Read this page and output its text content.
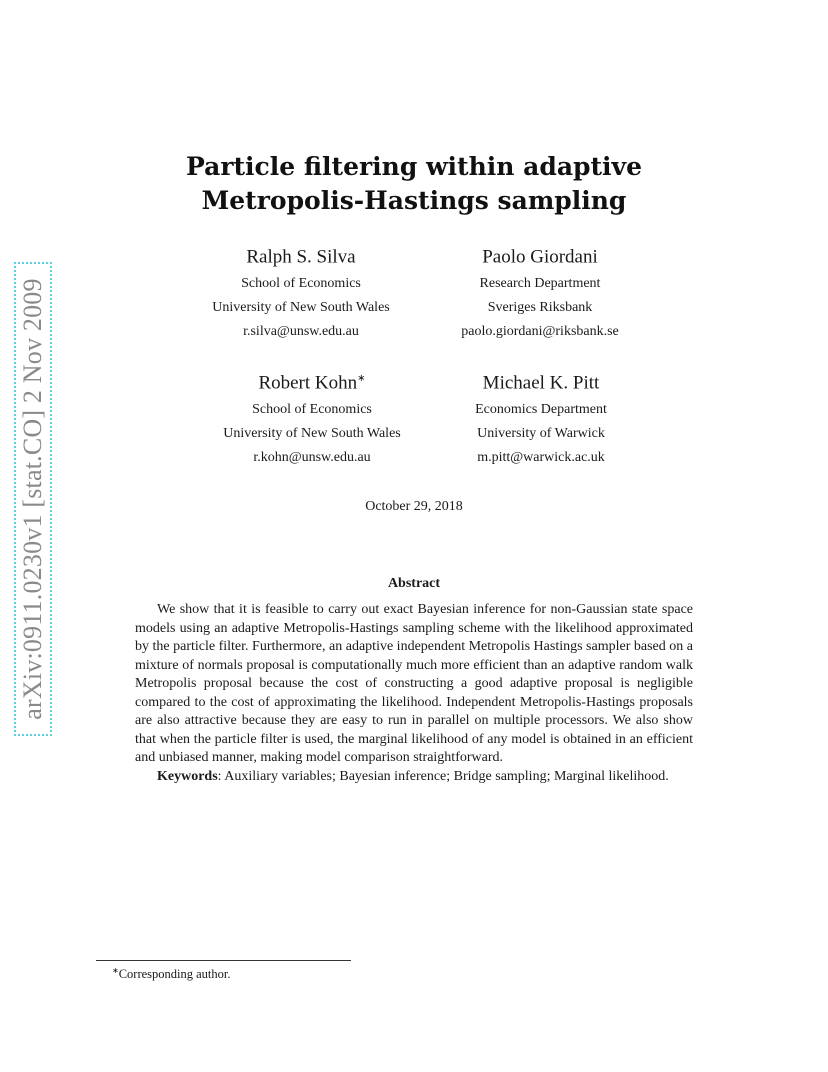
arXiv:0911.0230v1 [stat.CO] 2 Nov 2009
Particle filtering within adaptive
Metropolis-Hastings sampling
Ralph S. Silva
School of Economics
University of New South Wales
r.silva@unsw.edu.au
Paolo Giordani
Research Department
Sveriges Riksbank
paolo.giordani@riksbank.se
Robert Kohn∗
School of Economics
University of New South Wales
r.kohn@unsw.edu.au
Michael K. Pitt
Economics Department
University of Warwick
m.pitt@warwick.ac.uk
October 29, 2018
Abstract

We show that it is feasible to carry out exact Bayesian inference for non-Gaussian state space models using an adaptive Metropolis-Hastings sampling scheme with the likelihood approximated by the particle filter. Furthermore, an adaptive independent Metropolis Hastings sampler based on a mixture of normals proposal is computationally much more efficient than an adaptive random walk Metropolis proposal because the cost of constructing a good adaptive proposal is negligible compared to the cost of approximating the likelihood. Independent Metropolis-Hastings proposals are also attractive because they are easy to run in parallel on multiple processors. We also show that when the particle filter is used, the marginal likelihood of any model is obtained in an efficient and unbiased manner, making model comparison straightforward.

Keywords: Auxiliary variables; Bayesian inference; Bridge sampling; Marginal likelihood.

∗Corresponding author.
